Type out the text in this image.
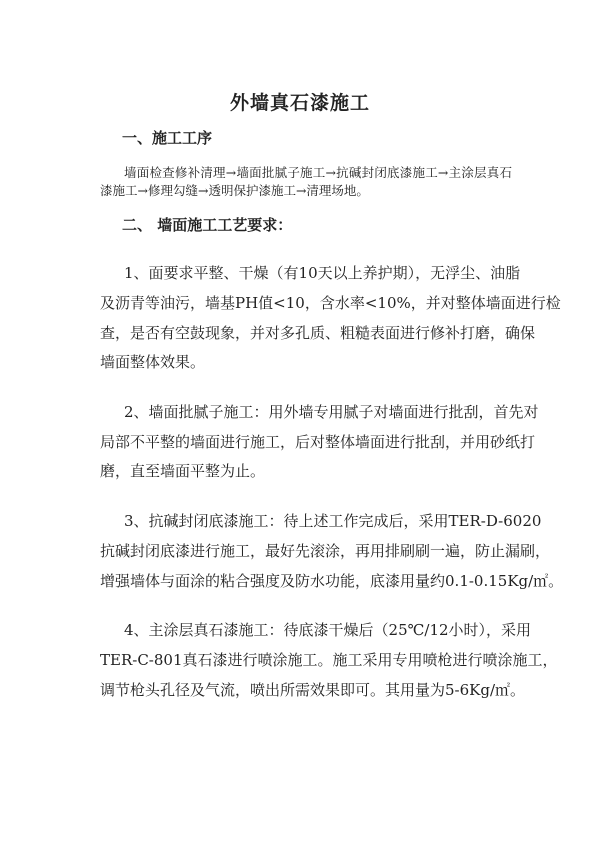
外墙真石漆施工
一、施工工序
墙面检查修补清理→墙面批腻子施工→抗碱封闭底漆施工→主涂层真石
漆施工→修理勾缝→透明保护漆施工→清理场地。
二、 墙面施工工艺要求：
1、面要求平整、干燥（有10天以上养护期），无浮尘、油脂
及沥青等油污，墙基PH值<10，含水率<10%，并对整体墙面进行检
查，是否有空鼓现象，并对多孔质、粗糙表面进行修补打磨，确保
墙面整体效果。
2、墙面批腻子施工：用外墙专用腻子对墙面进行批刮，首先对
局部不平整的墙面进行施工，后对整体墙面进行批刮，并用砂纸打
磨，直至墙面平整为止。
3、抗碱封闭底漆施工：待上述工作完成后，采用TER-D-6020
抗碱封闭底漆进行施工，最好先滚涂，再用排刷刷一遍，防止漏刷，
增强墙体与面涂的粘合强度及防水功能，底漆用量约0.1-0.15Kg/㎡。
4、主涂层真石漆施工：待底漆干燥后（25℃/12小时），采用
TER-C-801真石漆进行喷涂施工。施工采用专用喷枪进行喷涂施工，
调节枪头孔径及气流，喷出所需效果即可。其用量为5-6Kg/㎡。
